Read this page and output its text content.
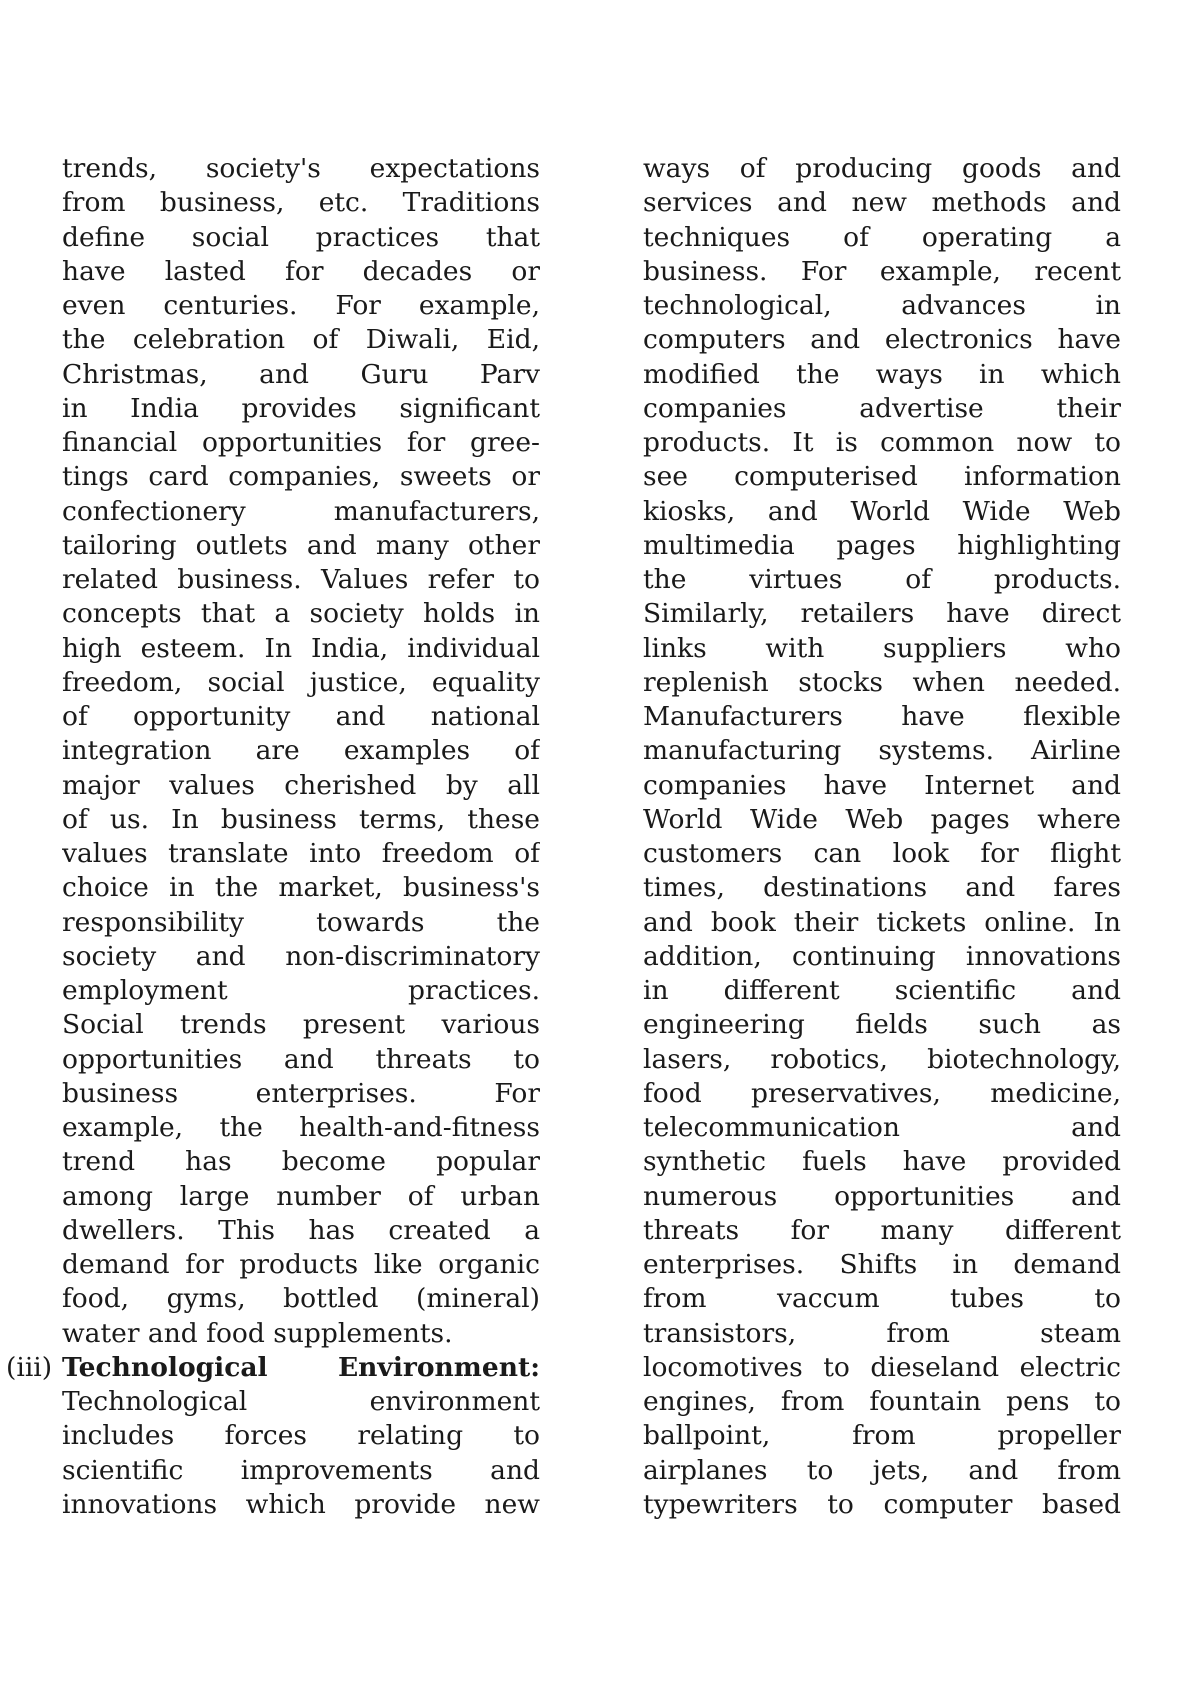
trends, society's expectations
from business, etc. Traditions
define social practices that
have lasted for decades or
even centuries. For example,
the celebration of Diwali, Eid,
Christmas, and Guru Parv
in India provides significant
financial opportunities for gree-
tings card companies, sweets or
confectionery manufacturers,
tailoring outlets and many other
related business. Values refer to
concepts that a society holds in
high esteem. In India, individual
freedom, social justice, equality
of opportunity and national
integration are examples of
major values cherished by all
of us. In business terms, these
values translate into freedom of
choice in the market, business's
responsibility towards the
society and non-discriminatory
employment practices.
Social trends present various
opportunities and threats to
business enterprises. For
example, the health-and-fitness
trend has become popular
among large number of urban
dwellers. This has created a
demand for products like organic
food, gyms, bottled (mineral)
water and food supplements.
(iii) Technological Environment:
Technological environment
includes forces relating to
scientific improvements and
innovations which provide new
ways of producing goods and
services and new methods and
techniques of operating a
business. For example, recent
technological, advances in
computers and electronics have
modified the ways in which
companies advertise their
products. It is common now to
see computerised information
kiosks, and World Wide Web
multimedia pages highlighting
the virtues of products.
Similarly, retailers have direct
links with suppliers who
replenish stocks when needed.
Manufacturers have flexible
manufacturing systems. Airline
companies have Internet and
World Wide Web pages where
customers can look for flight
times, destinations and fares
and book their tickets online. In
addition, continuing innovations
in different scientific and
engineering fields such as
lasers, robotics, biotechnology,
food preservatives, medicine,
telecommunication and
synthetic fuels have provided
numerous opportunities and
threats for many different
enterprises. Shifts in demand
from vaccum tubes to
transistors, from steam
locomotives to dieseland electric
engines, from fountain pens to
ballpoint, from propeller
airplanes to jets, and from
typewriters to computer based
